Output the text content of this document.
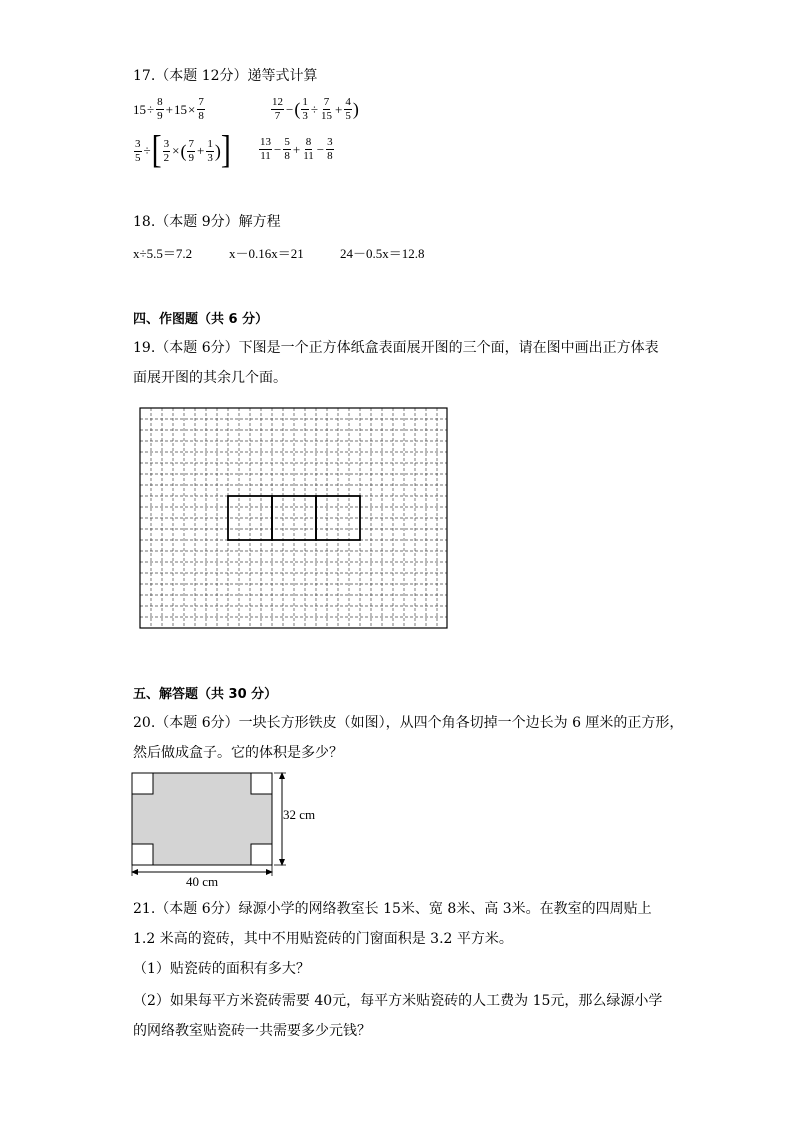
17.（本题 12分）递等式计算
$15 \div \frac{8}{9} + 15 \times \frac{7}{8}$	$\frac{12}{7}$ − ( $\frac{1}{3} \div \frac{7}{15} + \frac{4}{5}$ )
$\frac{3}{5}$ ÷ [ $\frac{3}{2}$ × ( $\frac{7}{9} + \frac{1}{3}$ ) ]	$\frac{13}{11} - \frac{5}{8} + \frac{8}{11} - \frac{3}{8}$
18.（本题 9分）解方程
x÷5.5＝7.2	x－0.16x＝21	24－0.5x＝12.8
四、作图题（共 6 分）
19.（本题 6分）下图是一个正方体纸盒表面展开图的三个面，请在图中画出正方体表
面展开图的其余几个面。
五、解答题（共 30 分）
20.（本题 6分）一块长方形铁皮（如图），从四个角各切掉一个边长为 6 厘米的正方形，
然后做成盒子。它的体积是多少？
32 cm
40 cm
21.（本题 6分）绿源小学的网络教室长 15米、宽 8米、高 3米。在教室的四周贴上
1.2 米高的瓷砖，其中不用贴瓷砖的门窗面积是 3.2 平方米。
（1）贴瓷砖的面积有多大？
（2）如果每平方米瓷砖需要 40元，每平方米贴瓷砖的人工费为 15元，那么绿源小学
的网络教室贴瓷砖一共需要多少元钱？
